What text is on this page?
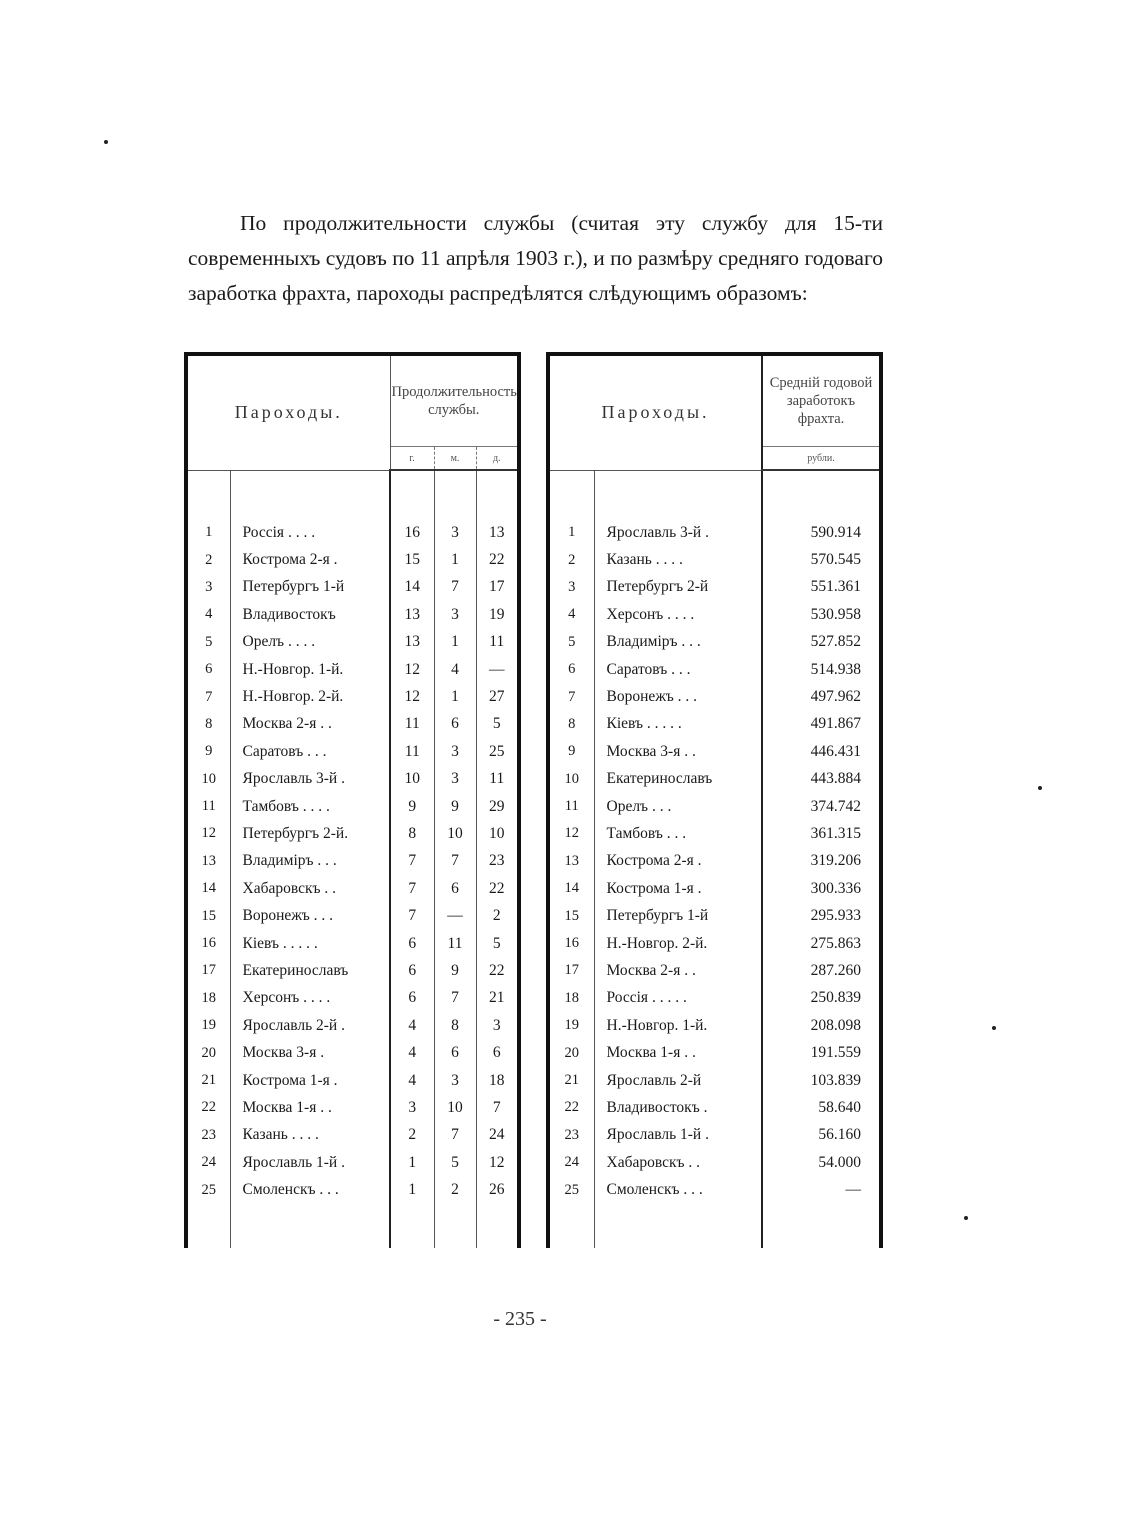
По продолжительности службы (считая эту службу для 15-ти современныхъ судовъ по 11 апрѣля 1903 г.), и по размѣру средняго годоваго заработка фрахта, пароходы распредѣлятся слѣдующимъ образомъ:

Пароходы.		Продолжительность службы.		
		г.	м.	д.

1	Россія . . . .	16	3	13
2	Кострома 2-я .	15	1	22
3	Петербургъ 1-й	14	7	17
4	Владивостокъ	13	3	19
5	Орелъ . . . .	13	1	11
6	Н.-Новгор. 1-й.	12	4	—
7	Н.-Новгор. 2-й.	12	1	27
8	Москва 2-я . .	11	6	5
9	Саратовъ . . .	11	3	25
10	Ярославль 3-й .	10	3	11
11	Тамбовъ . . . .	9	9	29
12	Петербургъ 2-й.	8	10	10
13	Владиміръ . . .	7	7	23
14	Хабаровскъ . .	7	6	22
15	Воронежъ . . .	7	—	2
16	Кіевъ . . . . .	6	11	5
17	Екатеринославъ	6	9	22
18	Херсонъ . . . .	6	7	21
19	Ярославль 2-й .	4	8	3
20	Москва 3-я .	4	6	6
21	Кострома 1-я .	4	3	18
22	Москва 1-я . .	3	10	7
23	Казань . . . .	2	7	24
24	Ярославль 1-й .	1	5	12
25	Смоленскъ . . .	1	2	26

Пароходы.		Средній годовой заработокъ фрахта.
		рубли.

1	Ярославль 3-й .	590.914
2	Казань . . . .	570.545
3	Петербургъ 2-й	551.361
4	Херсонъ . . . .	530.958
5	Владиміръ . . .	527.852
6	Саратовъ . . .	514.938
7	Воронежъ . . .	497.962
8	Кіевъ . . . . .	491.867
9	Москва 3-я . .	446.431
10	Екатеринославъ	443.884
11	Орелъ . . .	374.742
12	Тамбовъ . . .	361.315
13	Кострома 2-я .	319.206
14	Кострома 1-я .	300.336
15	Петербургъ 1-й	295.933
16	Н.-Новгор. 2-й.	275.863
17	Москва 2-я . .	287.260
18	Россія . . . . .	250.839
19	Н.-Новгор. 1-й.	208.098
20	Москва 1-я . .	191.559
21	Ярославль 2-й	103.839
22	Владивостокъ .	58.640
23	Ярославль 1-й .	56.160
24	Хабаровскъ . .	54.000
25	Смоленскъ . . .	—

- 235 -
